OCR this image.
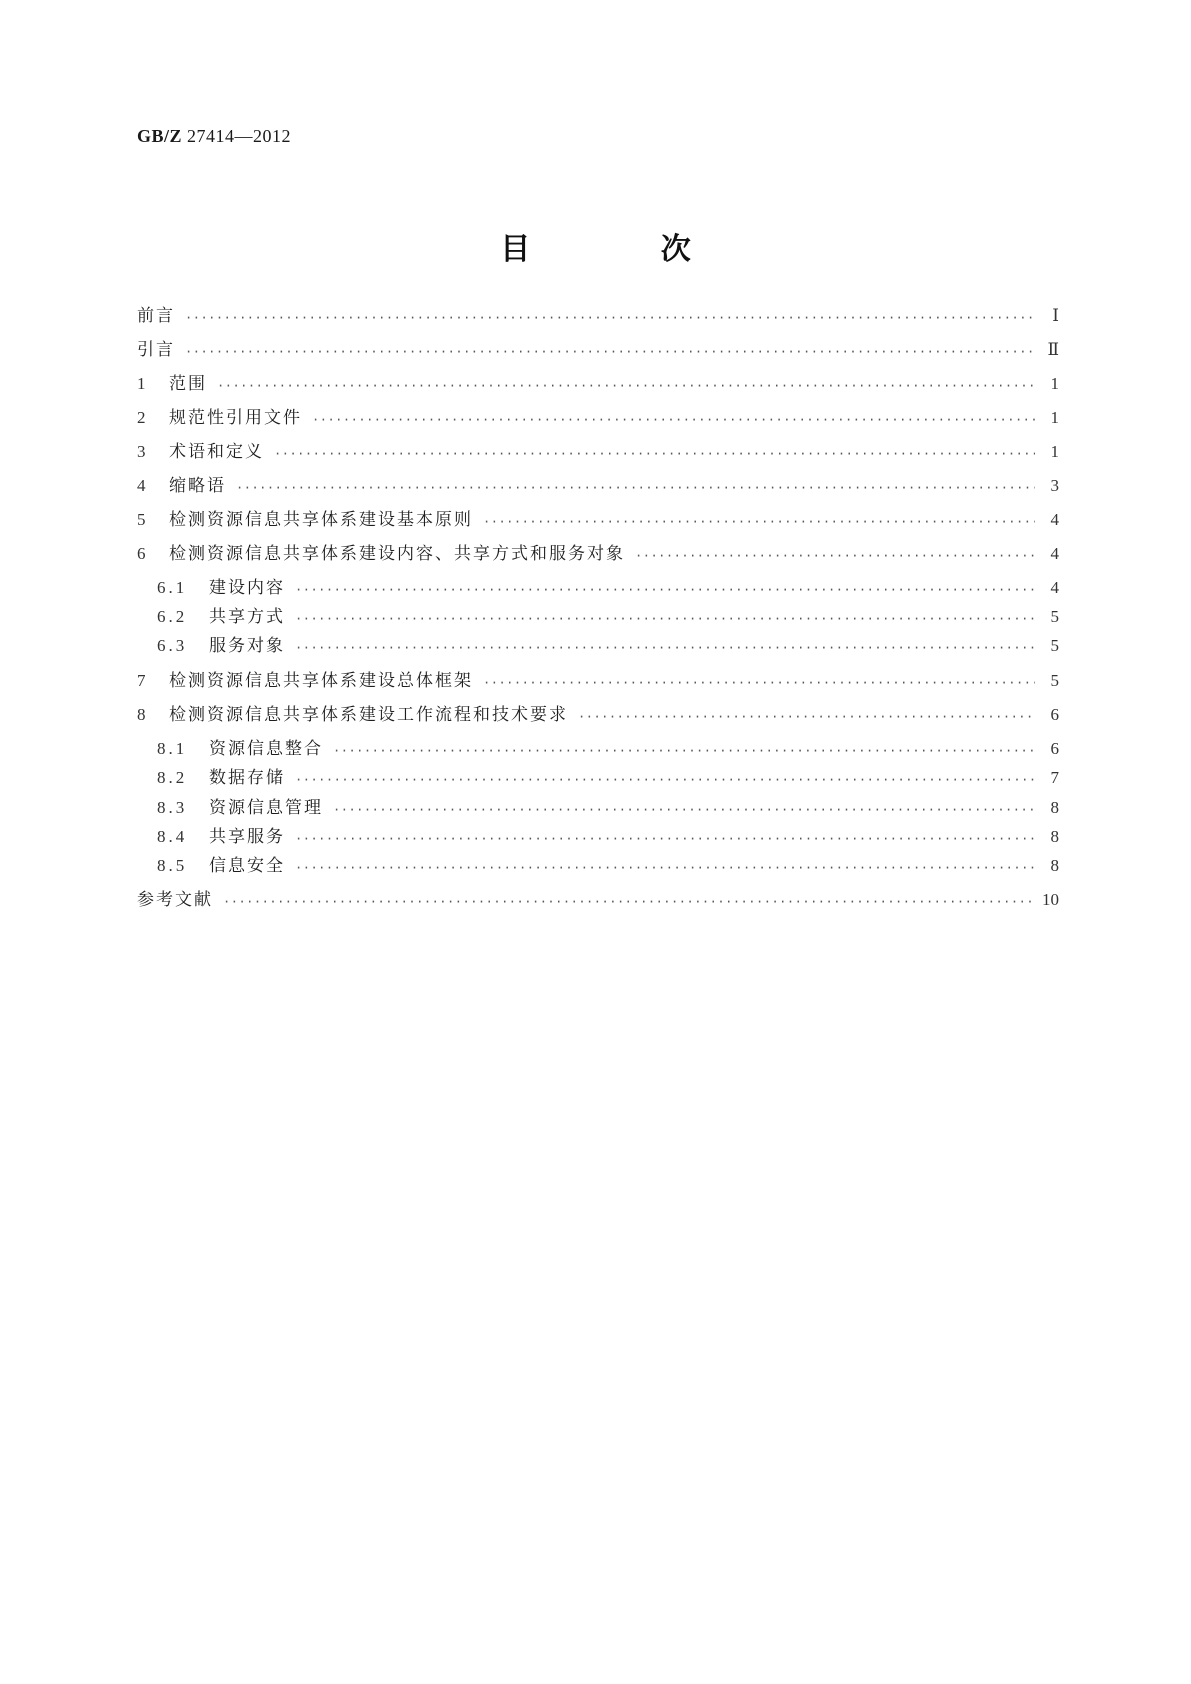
GB/Z 27414—2012
目 次
前言 ·····	Ⅰ
引言 ·····	Ⅱ
1	范围 ·····	1
2	规范性引用文件 ·····	1
3	术语和定义 ·····	1
4	缩略语 ·····	3
5	检测资源信息共享体系建设基本原则 ·····	4
6	检测资源信息共享体系建设内容、共享方式和服务对象 ·····	4
6.1	建设内容 ·····	4
6.2	共享方式 ·····	5
6.3	服务对象 ·····	5
7	检测资源信息共享体系建设总体框架 ·····	5
8	检测资源信息共享体系建设工作流程和技术要求 ·····	6
8.1	资源信息整合 ·····	6
8.2	数据存储 ·····	7
8.3	资源信息管理 ·····	8
8.4	共享服务 ·····	8
8.5	信息安全 ·····	8
参考文献 ·····	10
